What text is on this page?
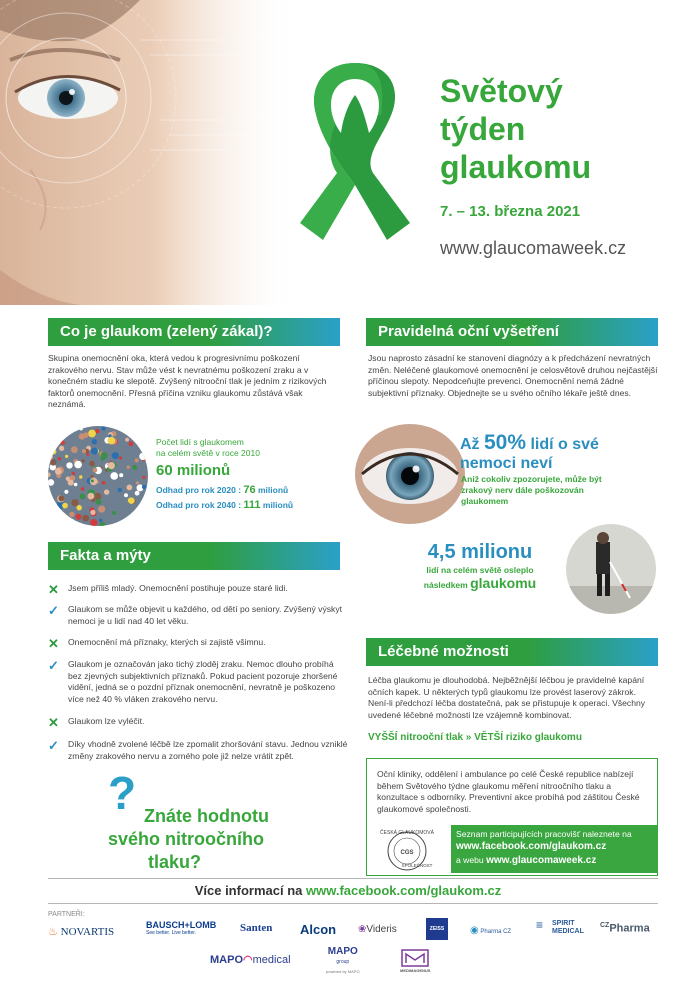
Světový
týden
glaukomu
7. – 13. března 2021
www.glaucomaweek.cz
Co je glaukom (zelený zákal)?
Skupina onemocnění oka, která vedou k progresivnímu poškození zrakového nervu. Stav může vést k nevratnému poškození zraku a v konečném stadiu ke slepotě. Zvýšený nitrooční tlak je jedním z rizikových faktorů onemocnění. Přesná příčina vzniku glaukomu zůstává však neznámá.
Počet lidí s glaukomem
na celém světě v roce 2010
60 milionů
Odhad pro rok 2020 : 76 milionů
Odhad pro rok 2040 : 111 milionů
Pravidelná oční vyšetření
Jsou naprosto zásadní ke stanovení diagnózy a k předcházení nevratných změn. Neléčené glaukomové onemocnění je celosvětově druhou nejčastější příčinou slepoty. Nepodceňujte prevenci. Onemocnění nemá žádné subjektivní příznaky. Objednejte se u svého očního lékaře ještě dnes.
Až 50% lidí o své
nemoci neví
Aniž cokoliv zpozorujete, může být zrakový nerv dále poškozován glaukomem
4,5 milionu
lidí na celém světě osleplo
následkem glaukomu
Fakta a mýty
✕ Jsem příliš mladý. Onemocnění postihuje pouze staré lidi.
✓ Glaukom se může objevit u každého, od dětí po seniory. Zvýšený výskyt nemoci je u lidí nad 40 let věku.
✕ Onemocnění má příznaky, kterých si zajistě všimnu.
✓ Glaukom je označován jako tichý zloděj zraku. Nemoc dlouho probíhá bez zjevných subjektivních příznaků. Pokud pacient pozoruje zhoršené vidění, jedná se o pozdní příznak onemocnění, nevratně je poškozeno více než 40 % vláken zrakového nervu.
✕ Glaukom lze vyléčit.
✓ Díky vhodně zvolené léčbě lze zpomalit zhoršování stavu. Jednou vzniklé změny zrakového nervu a zorného pole již nelze vrátit zpět.
? Znáte hodnotu
svého nitroočního
tlaku?
Léčebné možnosti
Léčba glaukomu je dlouhodobá. Nejběžnější léčbou je pravidelné kapání očních kapek. U některých typů glaukomu lze provést laserový zákrok. Není-li předchozí léčba dostatečná, pak se přistupuje k operaci. Všechny uvedené léčebné možnosti lze vzájemně kombinovat.
VYŠŠÍ nitrooční tlak » VĚTŠÍ riziko glaukomu
Oční kliniky, oddělení i ambulance po celé České republice nabízejí během Světového týdne glaukomu měření nitroočního tlaku a konzultace s odborníky. Preventivní akce probíhá pod záštitou České glaukomové společnosti.
ČESKÁ GLAUKOMOVÁ
CGS
SPOLEČNOST
Seznam participujících pracovišť naleznete na
www.facebook.com/glaukom.cz
a webu www.glaucomaweek.cz
Více informací na www.facebook.com/glaukom.cz
PARTNEŘI:
♨ NOVARTIS
BAUSCH+LOMB
See better. Live better.	Santen Alcon ❀Videris	ZEISS	◉ Pharma CZ ≡ SPIRIT
MEDICAL
$^{CZ}$Pharma
MAPO◠medical
MAPO
group
powered by MAPO	MEDIMAGENUS
